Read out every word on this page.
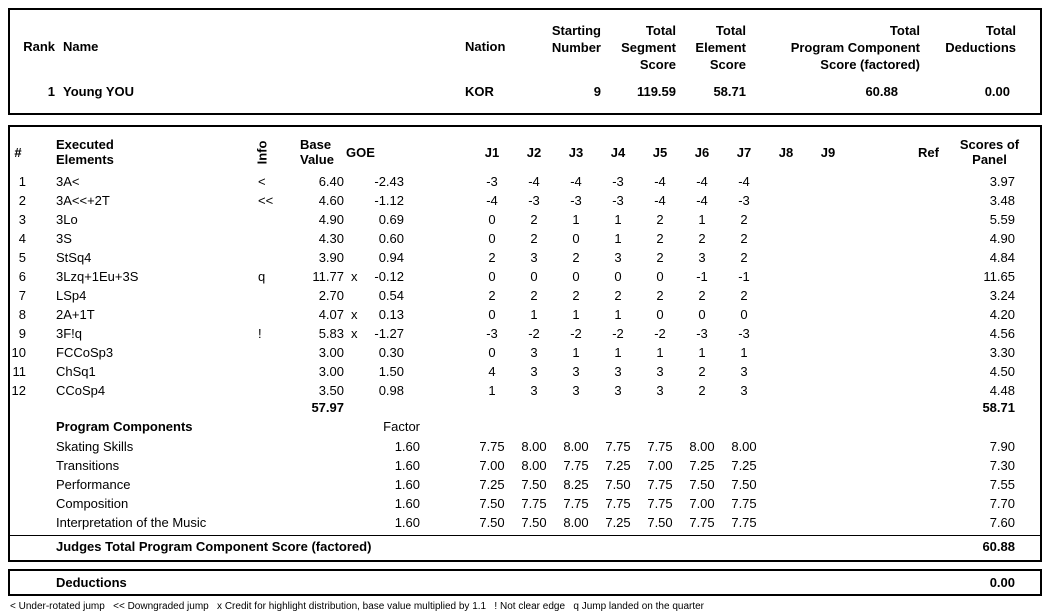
Rank Name	Nation
Starting
Number
Total
Segment
Score
Total
Element
Score
Total
Program Component
Score (factored)
Total
Deductions
1 Young YOU	KOR	9	119.59	58.71	60.88	0.00
#	Executed
Elements	Info Base
Value GOE	J1	J2	J3	J4	J5	J6	J7	J8	J9	Ref	Scores of
Panel
1	3A<	<	6.40	-2.43	-3	-4	-4	-3	-4	-4	-4	3.97
2	3A<<+2T	<<	4.60	-1.12	-4	-3	-3	-3	-4	-4	-3	3.48
3	3Lo	4.90	0.69	0	2	1	1	2	1	2	5.59
4	3S	4.30	0.60	0	2	0	1	2	2	2	4.90
5	StSq4	3.90	0.94	2	3	2	3	2	3	2	4.84
6	3Lzq+1Eu+3S	q	11.77 x	-0.12	0	0	0	0	0	-1	-1	11.65
7	LSp4	2.70	0.54	2	2	2	2	2	2	2	3.24
8	2A+1T	4.07 x	0.13	0	1	1	1	0	0	0	4.20
9	3F!q	!	5.83 x	-1.27	-3	-2	-2	-2	-2	-3	-3	4.56
10	FCCoSp3	3.00	0.30	0	3	1	1	1	1	1	3.30
11	ChSq1	3.00	1.50	4	3	3	3	3	2	3	4.50
12	CCoSp4	3.50	0.98	1	3	3	3	3	2	3	4.48
57.97	58.71
Program Components	Factor
Skating Skills	1.60	7.75	8.00	8.00	7.75	7.75	8.00	8.00	7.90
Transitions	1.60	7.00	8.00	7.75	7.25	7.00	7.25	7.25	7.30
Performance	1.60	7.25	7.50	8.25	7.50	7.75	7.50	7.50	7.55
Composition	1.60	7.50	7.75	7.75	7.75	7.75	7.00	7.75	7.70
Interpretation of the Music	1.60	7.50	7.50	8.00	7.25	7.50	7.75	7.75	7.60
Judges Total Program Component Score (factored)	60.88
Deductions	0.00
< Under-rotated jump   << Downgraded jump   x Credit for highlight distribution, base value multiplied by 1.1   ! Not clear edge   q Jump landed on the quarter
